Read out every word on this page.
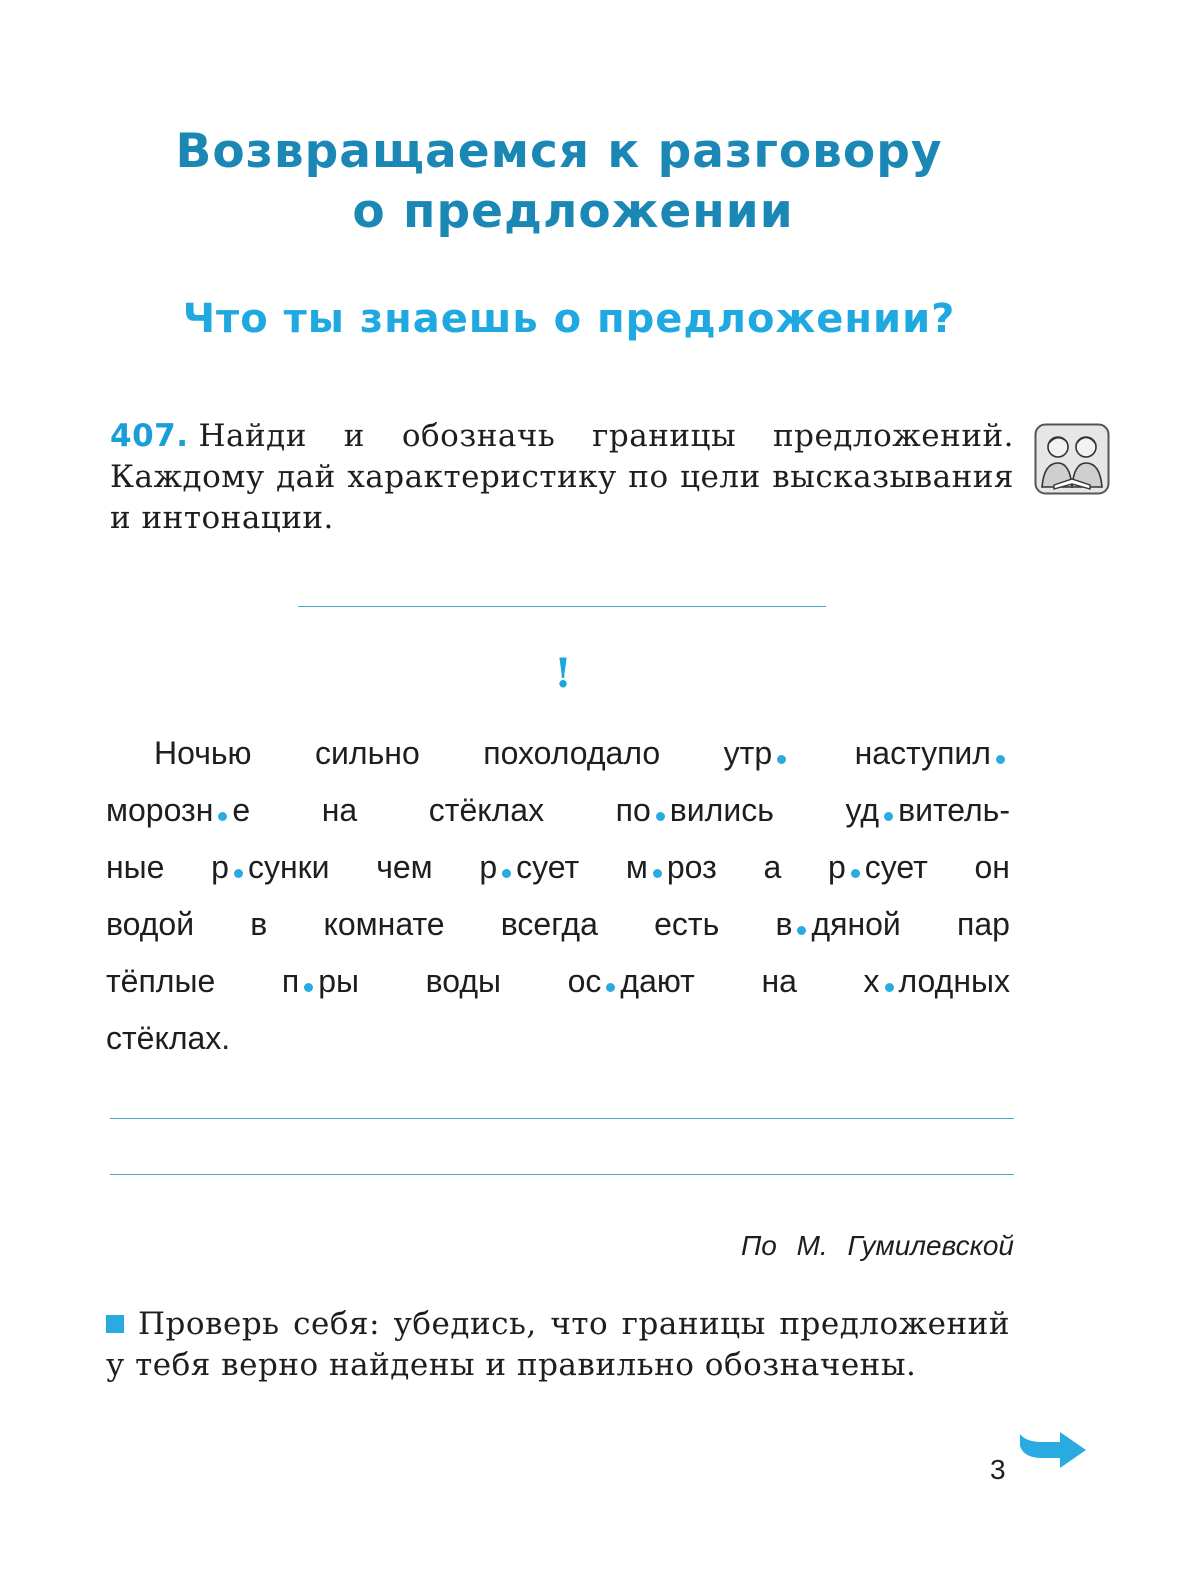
Возвращаемся к разговору
о предложении
Что ты знаешь о предложении?
407. Найди и обозначь границы предложений. Каждому дай характеристику по цели высказывания и интонации.
!
Ночью сильно похолодало утр	наступил
морозн е на стёклах по вились уд витель-
ные р сунки чем р сует м роз а р сует он
водой в комнате всегда есть в дяной пар
тёплые п ры воды ос дают на х лодных
стёклах.
По М. Гумилевской
Проверь себя: убедись, что границы предложений у тебя верно найдены и правильно обозначены.
3
